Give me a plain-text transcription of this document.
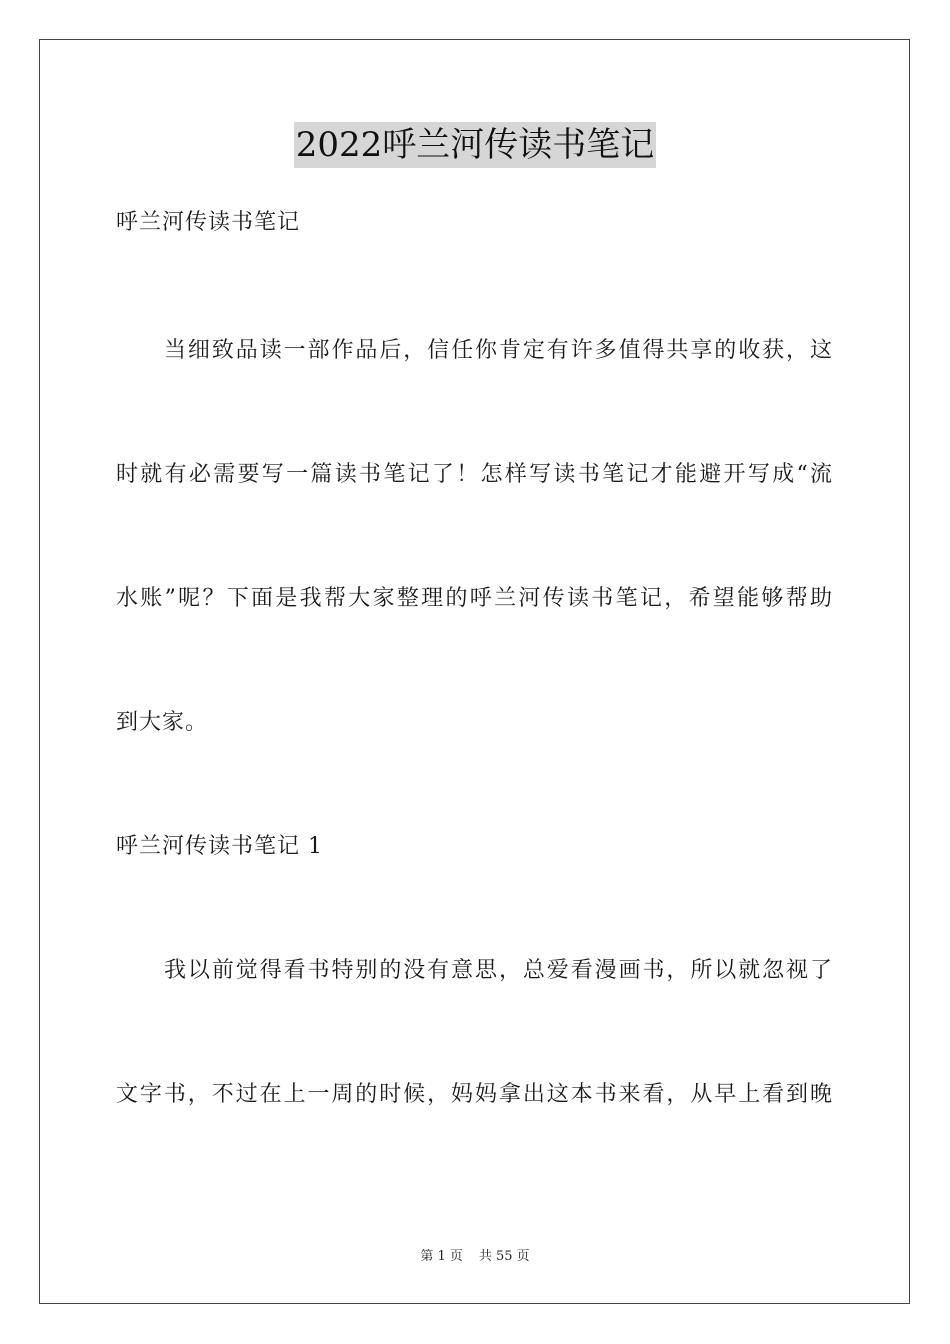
2022呼兰河传读书笔记
呼兰河传读书笔记
当细致品读一部作品后，信任你肯定有许多值得共享的收获，这
时就有必需要写一篇读书笔记了！怎样写读书笔记才能避开写成“流
水账”呢？下面是我帮大家整理的呼兰河传读书笔记，希望能够帮助
到大家。
呼兰河传读书笔记 1
我以前觉得看书特别的没有意思，总爱看漫画书，所以就忽视了
文字书，不过在上一周的时候，妈妈拿出这本书来看，从早上看到晚
第 1 页 共 55 页
